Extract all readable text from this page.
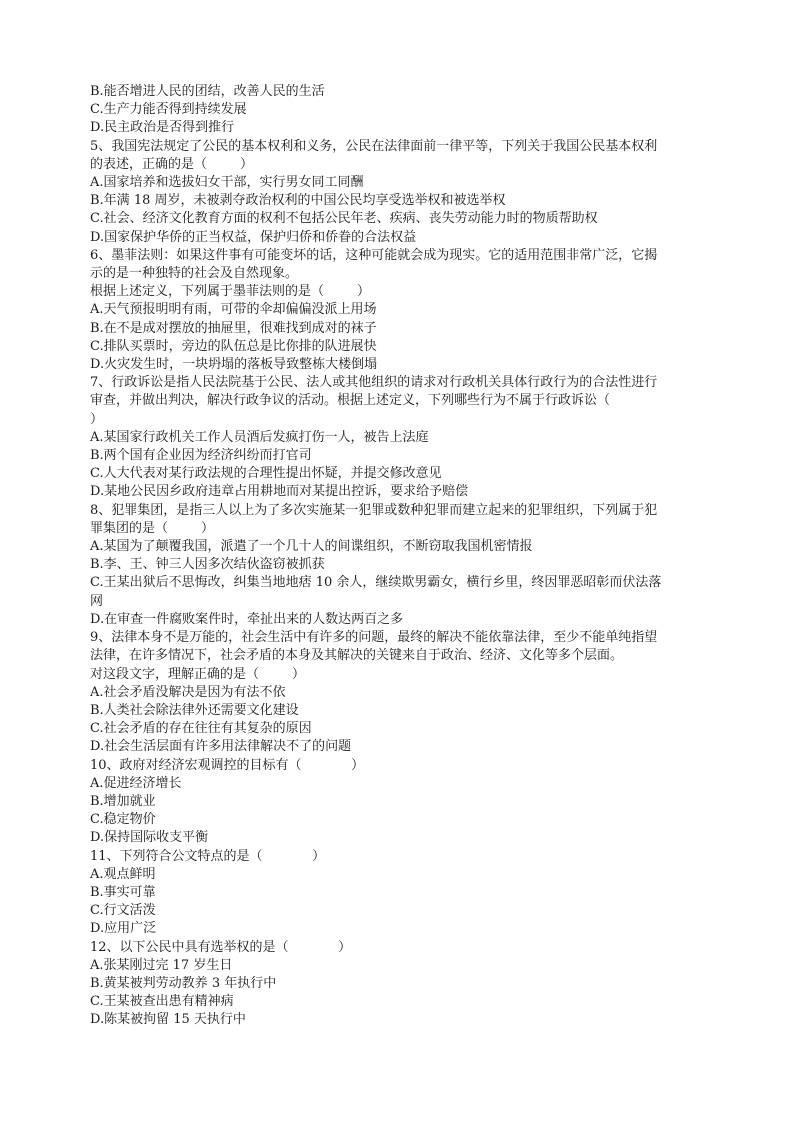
B.能否增进人民的团结，改善人民的生活
C.生产力能否得到持续发展
D.民主政治是否得到推行
5、我国宪法规定了公民的基本权利和义务，公民在法律面前一律平等，下列关于我国公民基本权利
的表述，正确的是（        ）
A.国家培养和选拔妇女干部，实行男女同工同酬
B.年满 18 周岁，未被剥夺政治权利的中国公民均享受选举权和被选举权
C.社会、经济文化教育方面的权利不包括公民年老、疾病、丧失劳动能力时的物质帮助权
D.国家保护华侨的正当权益，保护归侨和侨眷的合法权益
6、墨菲法则：如果这件事有可能变坏的话，这种可能就会成为现实。它的适用范围非常广泛，它揭
示的是一种独特的社会及自然现象。
根据上述定义，下列属于墨菲法则的是（        ）
A.天气预报明明有雨，可带的伞却偏偏没派上用场
B.在不是成对摆放的抽屉里，很难找到成对的袜子
C.排队买票时，旁边的队伍总是比你排的队进展快
D.火灾发生时，一块坍塌的落板导致整栋大楼倒塌
7、行政诉讼是指人民法院基于公民、法人或其他组织的请求对行政机关具体行政行为的合法性进行
审查，并做出判决，解决行政争议的活动。根据上述定义，下列哪些行为不属于行政诉讼（
）
A.某国家行政机关工作人员酒后发疯打伤一人，被告上法庭
B.两个国有企业因为经济纠纷而打官司
C.人大代表对某行政法规的合理性提出怀疑，并提交修改意见
D.某地公民因乡政府违章占用耕地而对某提出控诉，要求给予赔偿
8、犯罪集团，是指三人以上为了多次实施某一犯罪或数种犯罪而建立起来的犯罪组织，下列属于犯
罪集团的是（        ）
A.某国为了颠覆我国，派遣了一个几十人的间谍组织，不断窃取我国机密情报
B.李、王、钟三人因多次结伙盗窃被抓获
C.王某出狱后不思悔改，纠集当地地痞 10 余人，继续欺男霸女，横行乡里，终因罪恶昭彰而伏法落
网
D.在审查一件腐败案件时，牵扯出来的人数达两百之多
9、法律本身不是万能的，社会生活中有许多的问题，最终的解决不能依靠法律，至少不能单纯指望
法律，在许多情况下，社会矛盾的本身及其解决的关键来自于政治、经济、文化等多个层面。
对这段文字，理解正确的是（        ）
A.社会矛盾没解决是因为有法不依
B.人类社会除法律外还需要文化建设
C.社会矛盾的存在往往有其复杂的原因
D.社会生活层面有许多用法律解决不了的问题
10、政府对经济宏观调控的目标有（            ）
A.促进经济增长
B.增加就业
C.稳定物价
D.保持国际收支平衡
11、下列符合公文特点的是（            ）
A.观点鲜明
B.事实可靠
C.行文活泼
D.应用广泛
12、以下公民中具有选举权的是（            ）
A.张某刚过完 17 岁生日
B.黄某被判劳动教养 3 年执行中
C.王某被查出患有精神病
D.陈某被拘留 15 天执行中
